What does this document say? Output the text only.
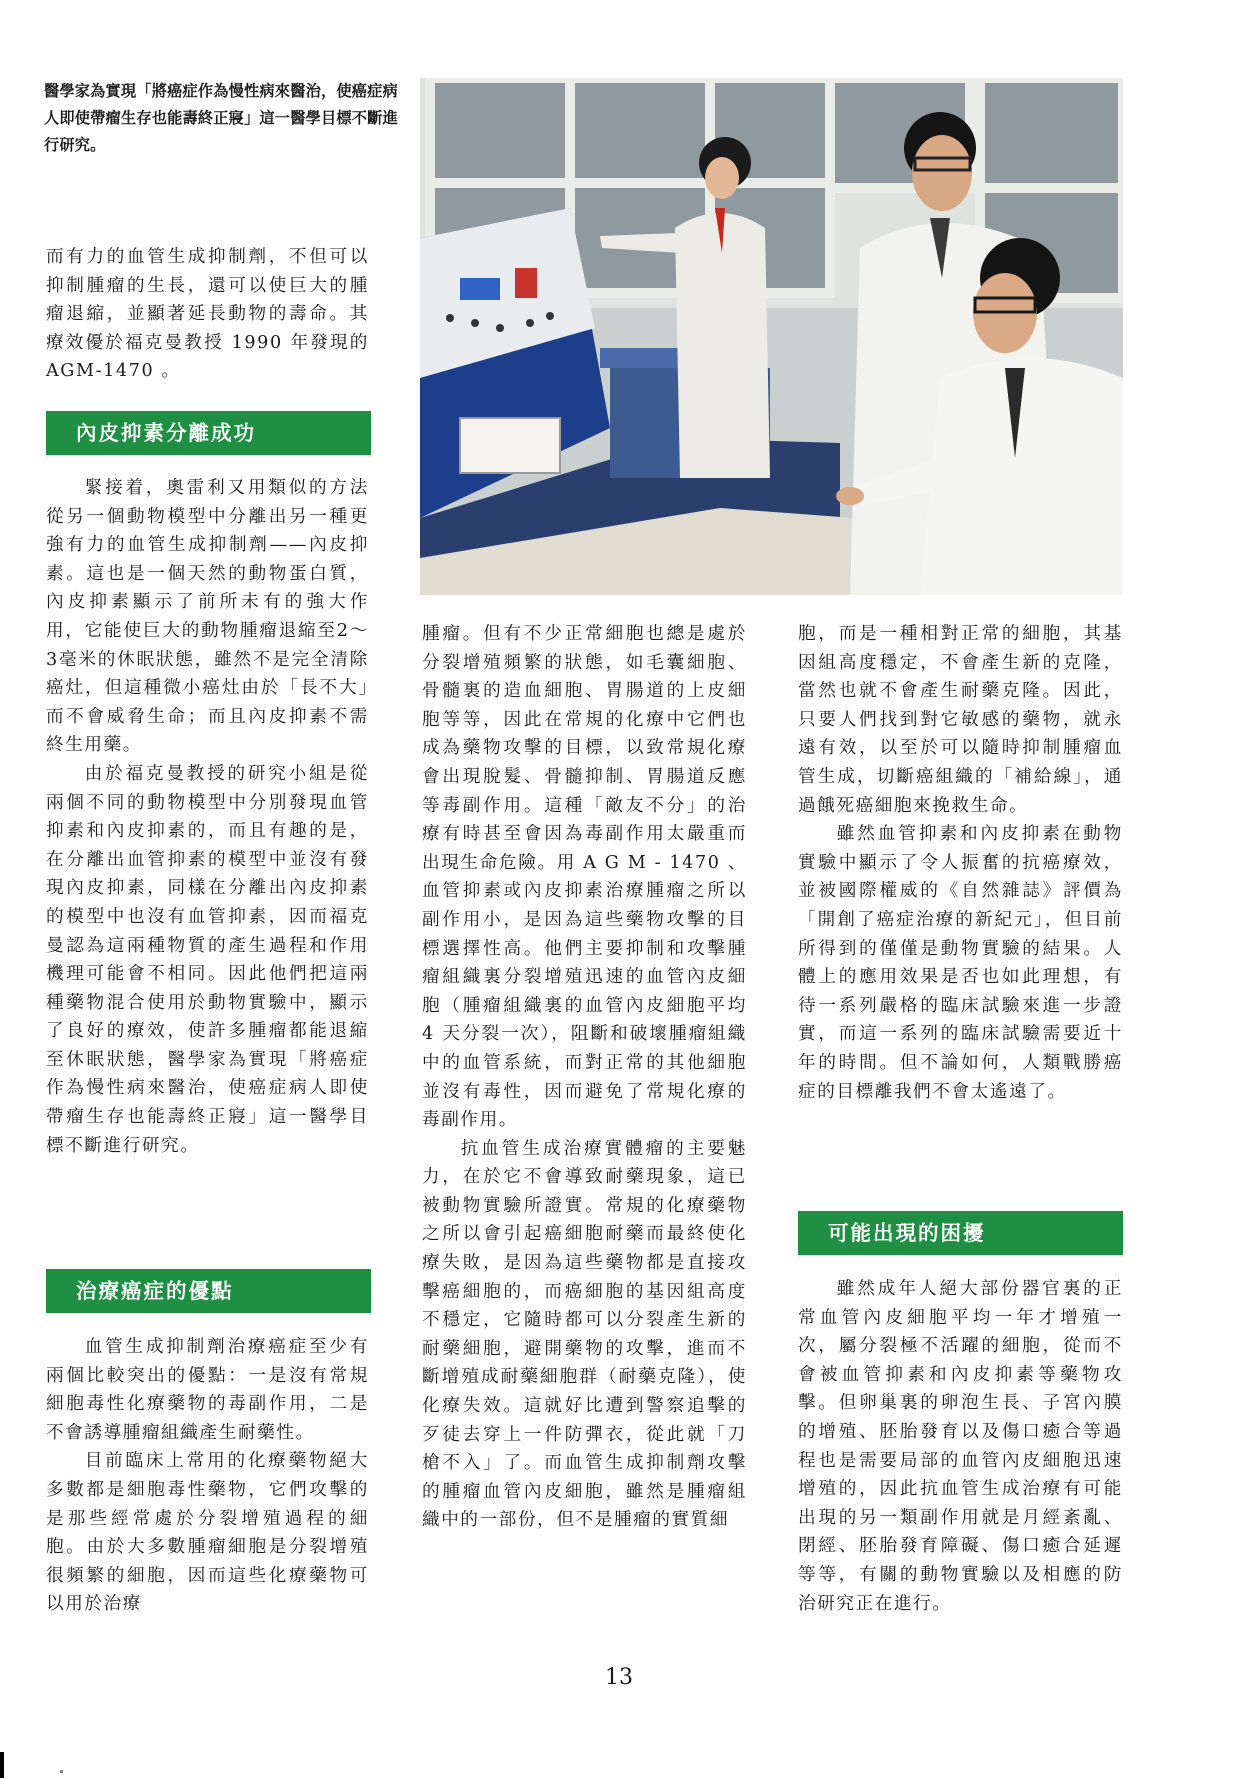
醫學家為實現「將癌症作為慢性病來醫治，使癌症病人即使帶瘤生存也能壽終正寢」這一醫學目標不斷進行研究。

而有力的血管生成抑制劑，不但可以抑制腫瘤的生長，還可以使巨大的腫瘤退縮，並顯著延長動物的壽命。其療效優於福克曼教授 1990 年發現的 AGM-1470 。

內皮抑素分離成功

緊接着，奧雷利又用類似的方法從另一個動物模型中分離出另一種更強有力的血管生成抑制劑——內皮抑素。這也是一個天然的動物蛋白質，內皮抑素顯示了前所未有的強大作用，它能使巨大的動物腫瘤退縮至2～3毫米的休眠狀態，雖然不是完全清除癌灶，但這種微小癌灶由於「長不大」而不會威脅生命；而且內皮抑素不需終生用藥。

由於福克曼教授的研究小組是從兩個不同的動物模型中分別發現血管抑素和內皮抑素的，而且有趣的是，在分離出血管抑素的模型中並沒有發現內皮抑素，同樣在分離出內皮抑素的模型中也沒有血管抑素，因而福克曼認為這兩種物質的產生過程和作用機理可能會不相同。因此他們把這兩種藥物混合使用於動物實驗中，顯示了良好的療效，使許多腫瘤都能退縮至休眠狀態，醫學家為實現「將癌症作為慢性病來醫治，使癌症病人即使帶瘤生存也能壽終正寢」這一醫學目標不斷進行研究。

治療癌症的優點

血管生成抑制劑治療癌症至少有兩個比較突出的優點：一是沒有常規細胞毒性化療藥物的毒副作用，二是不會誘導腫瘤組織產生耐藥性。

目前臨床上常用的化療藥物絕大多數都是細胞毒性藥物，它們攻擊的是那些經常處於分裂增殖過程的細胞。由於大多數腫瘤細胞是分裂增殖很頻繁的細胞，因而這些化療藥物可以用於治療

腫瘤。但有不少正常細胞也總是處於分裂增殖頻繁的狀態，如毛囊細胞、骨髓裏的造血細胞、胃腸道的上皮細胞等等，因此在常規的化療中它們也成為藥物攻擊的目標，以致常規化療會出現脫髮、骨髓抑制、胃腸道反應等毒副作用。這種「敵友不分」的治療有時甚至會因為毒副作用太嚴重而出現生命危險。用 A G M - 1470 、血管抑素或內皮抑素治療腫瘤之所以副作用小，是因為這些藥物攻擊的目標選擇性高。他們主要抑制和攻擊腫瘤組織裏分裂增殖迅速的血管內皮細胞（腫瘤組織裏的血管內皮細胞平均 4 天分裂一次），阻斷和破壞腫瘤組織中的血管系統，而對正常的其他細胞並沒有毒性，因而避免了常規化療的毒副作用。

抗血管生成治療實體瘤的主要魅力，在於它不會導致耐藥現象，這已被動物實驗所證實。常規的化療藥物之所以會引起癌細胞耐藥而最終使化療失敗，是因為這些藥物都是直接攻擊癌細胞的，而癌細胞的基因組高度不穩定，它隨時都可以分裂產生新的耐藥細胞，避開藥物的攻擊，進而不斷增殖成耐藥細胞群（耐藥克隆），使化療失效。這就好比遭到警察追擊的歹徒去穿上一件防彈衣，從此就「刀槍不入」了。而血管生成抑制劑攻擊的腫瘤血管內皮細胞，雖然是腫瘤組織中的一部份，但不是腫瘤的實質細

胞，而是一種相對正常的細胞，其基因組高度穩定，不會產生新的克隆，當然也就不會產生耐藥克隆。因此，只要人們找到對它敏感的藥物，就永遠有效，以至於可以隨時抑制腫瘤血管生成，切斷癌組織的「補給線」，通過餓死癌細胞來挽救生命。

雖然血管抑素和內皮抑素在動物實驗中顯示了令人振奮的抗癌療效，並被國際權威的《自然雜誌》評價為「開創了癌症治療的新紀元」，但目前所得到的僅僅是動物實驗的結果。人體上的應用效果是否也如此理想，有待一系列嚴格的臨床試驗來進一步證實，而這一系列的臨床試驗需要近十年的時間。但不論如何，人類戰勝癌症的目標離我們不會太遙遠了。

可能出現的困擾

雖然成年人絕大部份器官裏的正常血管內皮細胞平均一年才增殖一次，屬分裂極不活躍的細胞，從而不會被血管抑素和內皮抑素等藥物攻擊。但卵巢裏的卵泡生長、子宮內膜的增殖、胚胎發育以及傷口癒合等過程也是需要局部的血管內皮細胞迅速增殖的，因此抗血管生成治療有可能出現的另一類副作用就是月經紊亂、閉經、胚胎發育障礙、傷口癒合延遲等等，有關的動物實驗以及相應的防治研究正在進行。

13
